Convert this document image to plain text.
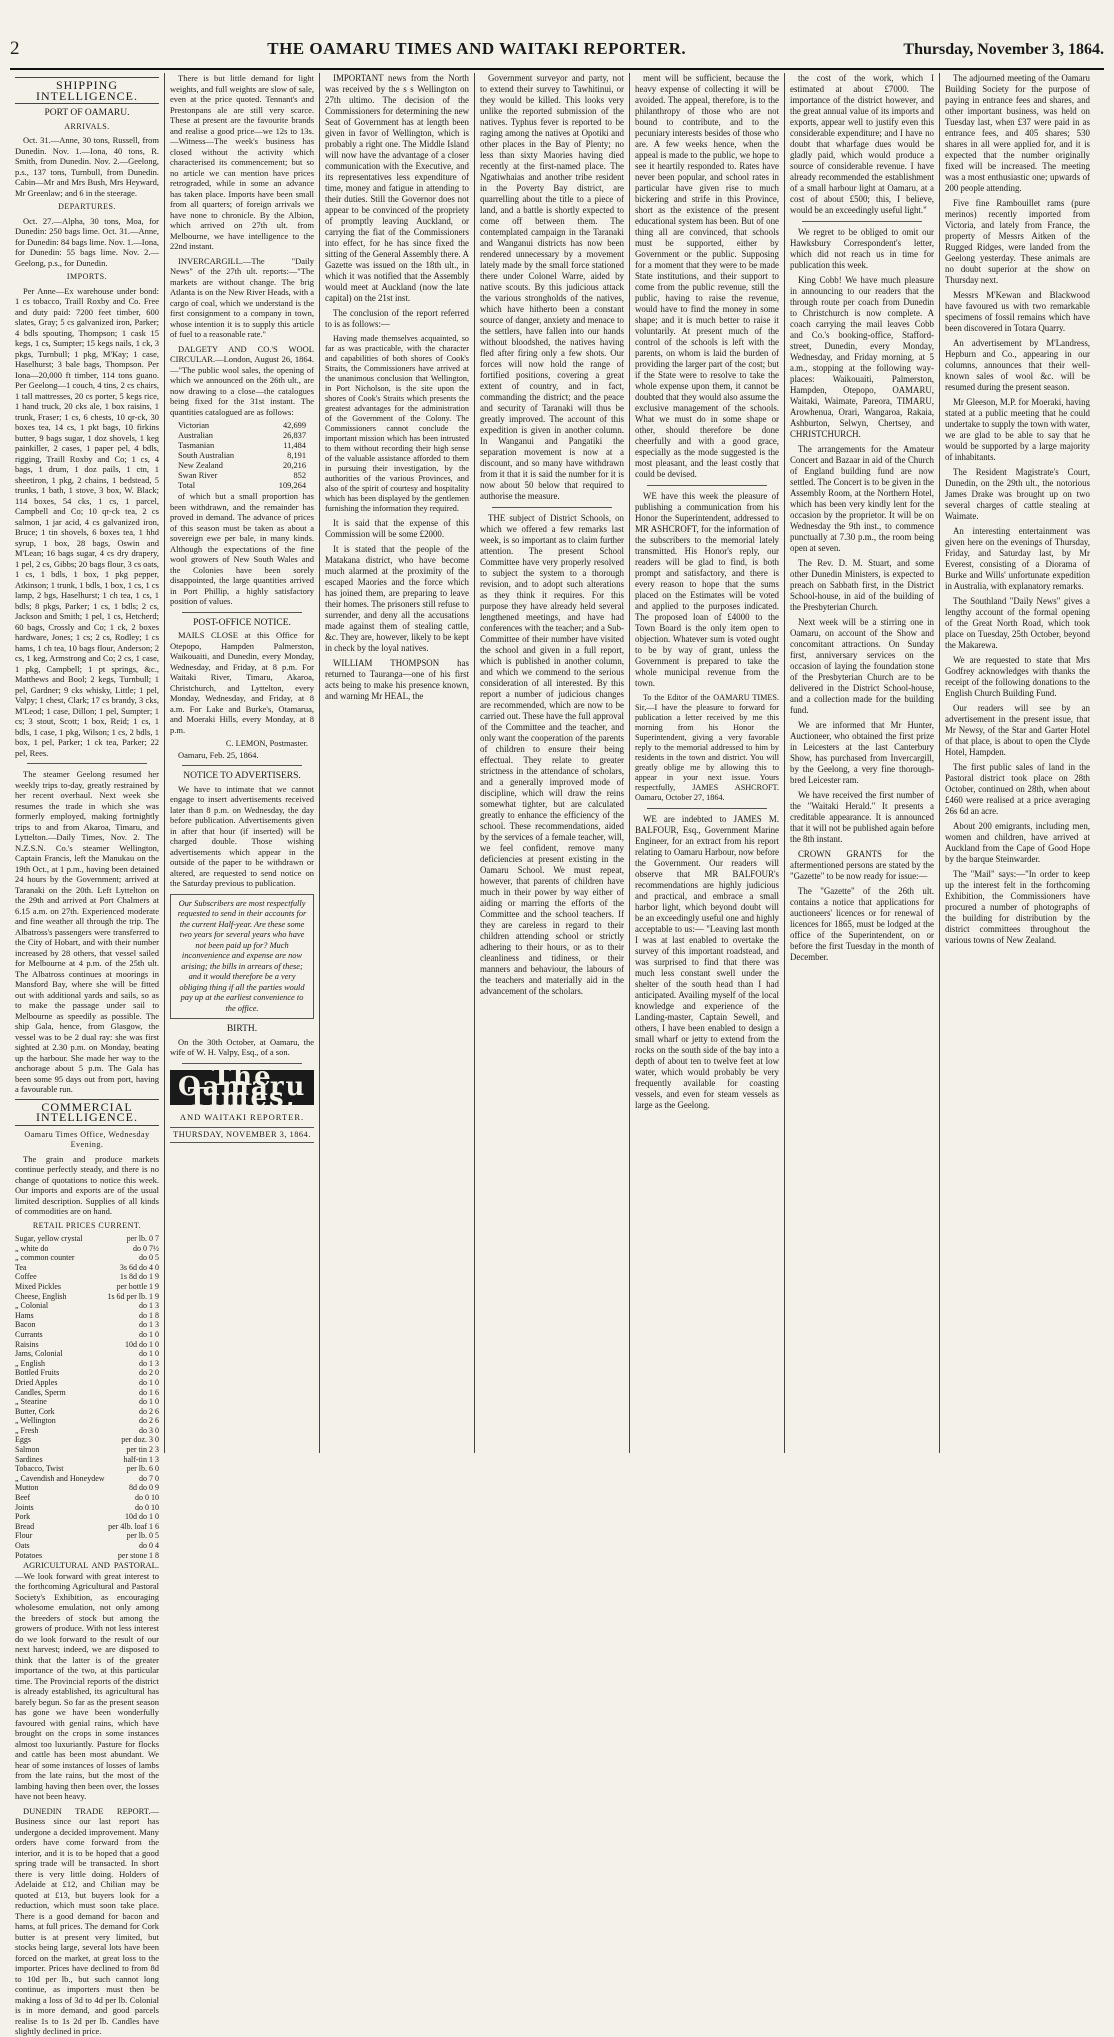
2	THE OAMARU TIMES AND WAITAKI REPORTER.	Thursday, November 3, 1864.
SHIPPING INTELLIGENCE.
PORT OF OAMARU.
ARRIVALS.

Oct. 31.—Anne, 30 tons, Russell, from Dunedin. Nov. 1.—Iona, 40 tons, R. Smith, from Dunedin. Nov. 2.—Geelong, p.s., 137 tons, Turnbull, from Dunedin. Cabin—Mr and Mrs Bush, Mrs Heyward, Mr Greenlaw; and 6 in the steerage.

DEPARTURES.

Oct. 27.—Alpha, 30 tons, Moa, for Dunedin: 250 bags lime. Oct. 31.—Anne, for Dunedin: 84 bags lime. Nov. 1.—Iona, for Dunedin: 55 bags lime. Nov. 2.—Geelong, p.s., for Dunedin.

IMPORTS.

Per Anne—Ex warehouse under bond: 1 cs tobacco, Traill Roxby and Co. Free and duty paid: 7200 feet timber, 600 slates, Gray; 5 cs galvanized iron, Parker; 4 bdls spouting, Thompson; 1 cask 15 kegs, 1 cs, Sumpter; 15 kegs nails, 1 ck, 3 pkgs, Turnbull; 1 pkg, M'Kay; 1 case, Haselhurst; 3 bale bags, Thompson. Per Iona—20,000 ft timber, 114 tons guano. Per Geelong—1 couch, 4 tins, 2 cs chairs, 1 tall mattresses, 20 cs porter, 5 kegs rice, 1 hand truck, 20 cks ale, 1 box raisins, 1 trunk, Fraser; 1 cs, 6 chests, 10 qr-ck, 30 boxes tea, 14 cs, 1 pkt bags, 10 firkins butter, 9 bags sugar, 1 doz shovels, 1 keg painkiller, 2 cases, 1 paper pel, 4 bdls, rigging, Traill Roxby and Co; 1 cs, 4 bags, 1 drum, 1 doz pails, 1 ctn, 1 sheetiron, 1 pkg, 2 chains, 1 bedstead, 5 trunks, 1 bath, 1 stove, 3 box, W. Black; 114 boxes, 54 cks, 1 cs, 1 parcel, Campbell and Co; 10 qr-ck tea, 2 cs salmon, 1 jar acid, 4 cs galvanized iron, Bruce; 1 tin shovels, 6 boxes tea, 1 hhd syrup, 1 box, 28 bags, Oswin and M'Lean; 16 bags sugar, 4 cs dry drapery, 1 pel, 2 cs, Gibbs; 20 bags flour, 3 cs oats, 1 cs, 1 bdls, 1 box, 1 pkg pepper, Atkinson; 1 trunk, 1 bdls, 1 box, 1 cs, 1 cs lamp, 2 bgs, Haselhurst; 1 ch tea, 1 cs, 1 bdls; 8 pkgs, Parker; 1 cs, 1 bdls; 2 cs, Jackson and Smith; 1 pel, 1 cs, Hetcherd; 60 bags, Crossly and Co; 1 ck, 2 boxes hardware, Jones; 1 cs; 2 cs, Rodley; 1 cs hams, 1 ch tea, 10 bags flour, Anderson; 2 cs, 1 keg, Armstrong and Co; 2 cs, 1 case, 1 pkg, Campbell; 1 pt springs, &c., Matthews and Bool; 2 kegs, Turnbull; 1 pel, Gardner; 9 cks whisky, Little; 1 pel, Valpy; 1 chest, Clark; 17 cs brandy, 3 cks, M'Leod; 1 case, Dillon; 1 pel, Sumpter; 1 cs; 3 stout, Scott; 1 box, Reid; 1 cs, 1 bdls, 1 case, 1 pkg, Wilson; 1 cs, 2 bdls, 1 box, 1 pel, Parker; 1 ck tea, Parker; 22 pel, Rees.

The steamer Geelong resumed her weekly trips to-day, greatly restrained by her recent overhaul. Next week she resumes the trade in which she was formerly employed, making fortnightly trips to and from Akaroa, Timaru, and Lyttelton.—Daily Times, Nov. 2. The N.Z.S.N. Co.'s steamer Wellington, Captain Francis, left the Manukau on the 19th Oct., at 1 p.m., having been detained 24 hours by the Government; arrived at Taranaki on the 20th. Left Lyttelton on the 29th and arrived at Port Chalmers at 6.15 a.m. on 27th. Experienced moderate and fine weather all through the trip. The Albatross's passengers were transferred to the City of Hobart, and with their number increased by 28 others, that vessel sailed for Melbourne at 4 p.m. of the 25th ult. The Albatross continues at moorings in Mansford Bay, where she will be fitted out with additional yards and sails, so as to make the passage under sail to Melbourne as speedily as possible. The ship Gala, hence, from Glasgow, the vessel was to be 2 dual ray: she was first sighted at 2.30 p.m. on Monday, beating up the harbour. She made her way to the anchorage about 5 p.m. The Gala has been some 95 days out from port, having a favourable run.

COMMERCIAL INTELLIGENCE.
Oamaru Times Office, Wednesday Evening.

The grain and produce markets continue perfectly steady, and there is no change of quotations to notice this week. Our imports and exports are of the usual limited description. Supplies of all kinds of commodities are on hand.

RETAIL PRICES CURRENT.
Sugar, yellow crystal	per lb. 0 7
„ white do	do 0 7½
„ common counter	do 0 5
Tea	3s 6d do 4 0
Coffee	1s 8d do 1 9
Mixed Pickles	per bottle 1 9
Cheese, English	1s 6d per lb. 1 9
„ Colonial	do 1 3
Hams	do 1 8
Bacon	do 1 3
Currants	do 1 0
Raisins	10d do 1 0
Jams, Colonial	do 1 0
„ English	do 1 3
Bottled Fruits	do 2 0
Dried Apples	do 1 0
Candles, Sperm	do 1 6
„ Stearine	do 1 0
Butter, Cork	do 2 6
„ Wellington	do 2 6
„ Fresh	do 3 0
Eggs	per doz. 3 0
Salmon	per tin 2 3
Sardines	half-tin 1 3
Tobacco, Twist	per lb. 6 0
„ Cavendish and Honeydew	do 7 0
Mutton	8d do 0 9
Beef	do 0 10
Joints	do 0 10
Pork	10d do 1 0
Bread	per 4lb. loaf 1 6
Flour	per lb. 0 5
Oats	do 0 4
Potatoes	per stone 1 8

AGRICULTURAL AND PASTORAL.—We look forward with great interest to the forthcoming Agricultural and Pastoral Society's Exhibition, as encouraging wholesome emulation, not only among the breeders of stock but among the growers of produce. With not less interest do we look forward to the result of our next harvest; indeed, we are disposed to think that the latter is of the greater importance of the two, at this particular time. The Provincial reports of the district is already established, its agricultural has barely begun. So far as the present season has gone we have been wonderfully favoured with genial rains, which have brought on the crops in some instances almost too luxuriantly. Pasture for flocks and cattle has been most abundant. We hear of some instances of losses of lambs from the late rains, but the most of the lambing having then been over, the losses have not been heavy.

DUNEDIN TRADE REPORT.—Business since our last report has undergone a decided improvement. Many orders have come forward from the interior, and it is to be hoped that a good spring trade will be transacted. In short there is very little doing. Holders of Adelaide at £12, and Chilian may be quoted at £13, but buyers look for a reduction, which must soon take place. There is a good demand for bacon and hams, at full prices. The demand for Cork butter is at present very limited, but stocks being large, several lots have been forced on the market, at great loss to the importer. Prices have declined to from 8d to 10d per lb., but such cannot long continue, as importers must then be making a loss of 3d to 4d per lb. Colonial is in more demand, and good parcels realise 1s to 1s 2d per lb. Candles have slightly declined in price.

There is but little demand for light weights, and full weights are slow of sale, even at the price quoted. Tennant's and Prestonpans ale are still very scarce. These at present are the favourite brands and realise a good price—we 12s to 13s.—Witness—The week's business has closed without the activity which characterised its commencement; but so no article we can mention have prices retrograded, while in some an advance has taken place. Imports have been small from all quarters; of foreign arrivals we have none to chronicle. By the Albion, which arrived on 27th ult. from Melbourne, we have intelligence to the 22nd instant.

INVERCARGILL.—The "Daily News" of the 27th ult. reports:—"The markets are without change. The brig Atlanta is on the New River Heads, with a cargo of coal, which we understand is the first consignment to a company in town, whose intention it is to supply this article of fuel to a reasonable rate."

DALGETY AND CO.'S WOOL CIRCULAR.—London, August 26, 1864.—"The public wool sales, the opening of which we announced on the 26th ult., are now drawing to a close—the catalogues being fixed for the 31st instant. The quantities catalogued are as follows:

Victorian	42,699
Australian	26,837
Tasmanian	11,484
South Australian	8,191
New Zealand	20,216
Swan River	852
Total	109,264

of which but a small proportion has been withdrawn, and the remainder has proved in demand. The advance of prices of this season must be taken as about a sovereign ewe per bale, in many kinds. Although the expectations of the fine wool growers of New South Wales and the Colonies have been sorely disappointed, the large quantities arrived in Port Phillip, a highly satisfactory position of values.

POST-OFFICE NOTICE.

MAILS CLOSE at this Office for Otepopo, Hampden Palmerston, Waikouaiti, and Dunedin, every Monday, Wednesday, and Friday, at 8 p.m. For Waitaki River, Timaru, Akaroa, Christchurch, and Lyttelton, every Monday, Wednesday, and Friday, at 8 a.m. For Lake and Burke's, Otamarua, and Moeraki Hills, every Monday, at 8 p.m.

C. LEMON, Postmaster.

Oamaru, Feb. 25, 1864.

NOTICE TO ADVERTISERS.

We have to intimate that we cannot engage to insert advertisements received later than 8 p.m. on Wednesday, the day before publication. Advertisements given in after that hour (if inserted) will be charged double. Those wishing advertisements which appear in the outside of the paper to be withdrawn or altered, are requested to send notice on the Saturday previous to publication.

Our Subscribers are most respectfully requested to send in their accounts for the current Half-year. Are these some two years for several years who have not been paid up for? Much inconvenience and expense are now arising; the bills in arrears of these; and it would therefore be a very obliging thing if all the parties would pay up at the earliest convenience to the office.
BIRTH.

On the 30th October, at Oamaru, the wife of W. H. Valpy, Esq., of a son.

The Oamaru Times,
AND WAITAKI REPORTER.
THURSDAY, NOVEMBER 3, 1864.

IMPORTANT news from the North was received by the s s Wellington on 27th ultimo. The decision of the Commissioners for determining the new Seat of Government has at length been given in favor of Wellington, which is probably a right one. The Middle Island will now have the advantage of a closer communication with the Executive, and its representatives less expenditure of time, money and fatigue in attending to their duties. Still the Governor does not appear to be convinced of the propriety of promptly leaving Auckland, or carrying the fiat of the Commissioners into effect, for he has since fixed the sitting of the General Assembly there. A Gazette was issued on the 18th ult., in which it was notified that the Assembly would meet at Auckland (now the late capital) on the 21st inst.

The conclusion of the report referred to is as follows:—

Having made themselves acquainted, so far as was practicable, with the character and capabilities of both shores of Cook's Straits, the Commissioners have arrived at the unanimous conclusion that Wellington, in Port Nicholson, is the site upon the shores of Cook's Straits which presents the greatest advantages for the administration of the Government of the Colony. The Commissioners cannot conclude the important mission which has been intrusted to them without recording their high sense of the valuable assistance afforded to them in pursuing their investigation, by the authorities of the various Provinces, and also of the spirit of courtesy and hospitality which has been displayed by the gentlemen furnishing the information they required.

It is said that the expense of this Commission will be some £2000.

It is stated that the people of the Matakana district, who have become much alarmed at the proximity of the escaped Maories and the force which has joined them, are preparing to leave their homes. The prisoners still refuse to surrender, and deny all the accusations made against them of stealing cattle, &c. They are, however, likely to be kept in check by the loyal natives.

WILLIAM THOMPSON has returned to Tauranga—one of his first acts being to make his presence known, and warning Mr HEAL, the

Government surveyor and party, not to extend their survey to Tawhitinui, or they would be killed. This looks very unlike the reported submission of the natives. Typhus fever is reported to be raging among the natives at Opotiki and other places in the Bay of Plenty; no less than sixty Maories having died recently at the first-named place. The Ngatiwhaias and another tribe resident in the Poverty Bay district, are quarrelling about the title to a piece of land, and a battle is shortly expected to come off between them. The contemplated campaign in the Taranaki and Wanganui districts has now been rendered unnecessary by a movement lately made by the small force stationed there under Colonel Warre, aided by native scouts. By this judicious attack the various strongholds of the natives, which have hitherto been a constant source of danger, anxiety and menace to the settlers, have fallen into our hands without bloodshed, the natives having fled after firing only a few shots. Our forces will now hold the range of fortified positions, covering a great extent of country, and in fact, commanding the district; and the peace and security of Taranaki will thus be greatly improved. The account of this expedition is given in another column. In Wanganui and Pangatiki the separation movement is now at a discount, and so many have withdrawn from it that it is said the number for it is now about 50 below that required to authorise the measure.

THE subject of District Schools, on which we offered a few remarks last week, is so important as to claim further attention. The present School Committee have very properly resolved to subject the system to a thorough revision, and to adopt such alterations as they think it requires. For this purpose they have already held several lengthened meetings, and have had conferences with the teacher; and a Sub-Committee of their number have visited the school and given in a full report, which is published in another column, and which we commend to the serious consideration of all interested. By this report a number of judicious changes are recommended, which are now to be carried out. These have the full approval of the Committee and the teacher, and only want the cooperation of the parents of children to ensure their being effectual. They relate to greater strictness in the attendance of scholars, and a generally improved mode of discipline, which will draw the reins somewhat tighter, but are calculated greatly to enhance the efficiency of the school. These recommendations, aided by the services of a female teacher, will, we feel confident, remove many deficiencies at present existing in the Oamaru School. We must repeat, however, that parents of children have much in their power by way either of aiding or marring the efforts of the Committee and the school teachers. If they are careless in regard to their children attending school or strictly adhering to their hours, or as to their cleanliness and tidiness, or their manners and behaviour, the labours of the teachers and materially aid in the advancement of the scholars.

ment will be sufficient, because the heavy expense of collecting it will be avoided. The appeal, therefore, is to the philanthropy of those who are not bound to contribute, and to the pecuniary interests besides of those who are. A few weeks hence, when the appeal is made to the public, we hope to see it heartily responded to. Rates have never been popular, and school rates in particular have given rise to much bickering and strife in this Province, short as the existence of the present educational system has been. But of one thing all are convinced, that schools must be supported, either by Government or the public. Supposing for a moment that they were to be made State institutions, and their support to come from the public revenue, still the public, having to raise the revenue, would have to find the money in some shape; and it is much better to raise it voluntarily. At present much of the control of the schools is left with the parents, on whom is laid the burden of providing the larger part of the cost; but if the State were to resolve to take the whole expense upon them, it cannot be doubted that they would also assume the exclusive management of the schools. What we must do in some shape or other, should therefore be done cheerfully and with a good grace, especially as the mode suggested is the most pleasant, and the least costly that could be devised.

WE have this week the pleasure of publishing a communication from his Honor the Superintendent, addressed to MR ASHCROFT, for the information of the subscribers to the memorial lately transmitted. His Honor's reply, our readers will be glad to find, is both prompt and satisfactory, and there is every reason to hope that the sums placed on the Estimates will be voted and applied to the purposes indicated. The proposed loan of £4000 to the Town Board is the only item open to objection. Whatever sum is voted ought to be by way of grant, unless the Government is prepared to take the whole municipal revenue from the town.

To the Editor of the OAMARU TIMES. Sir,—I have the pleasure to forward for publication a letter received by me this morning from his Honor the Superintendent, giving a very favorable reply to the memorial addressed to him by residents in the town and district. You will greatly oblige me by allowing this to appear in your next issue. Yours respectfully, JAMES ASHCROFT. Oamaru, October 27, 1864.

WE are indebted to JAMES M. BALFOUR, Esq., Government Marine Engineer, for an extract from his report relating to Oamaru Harbour, now before the Government. Our readers will observe that MR BALFOUR's recommendations are highly judicious and practical, and embrace a small harbor light, which beyond doubt will be an exceedingly useful one and highly acceptable to us:— "Leaving last month I was at last enabled to overtake the survey of this important roadstead, and was surprised to find that there was much less constant swell under the shelter of the south head than I had anticipated. Availing myself of the local knowledge and experience of the Landing-master, Captain Sewell, and others, I have been enabled to design a small wharf or jetty to extend from the rocks on the south side of the bay into a depth of about ten to twelve feet at low water, which would probably be very frequently available for coasting vessels, and even for steam vessels as large as the Geelong.

the cost of the work, which I estimated at about £7000. The importance of the district however, and the great annual value of its imports and exports, appear well to justify even this considerable expenditure; and I have no doubt that wharfage dues would be gladly paid, which would produce a source of considerable revenue. I have already recommended the establishment of a small harbour light at Oamaru, at a cost of about £500; this, I believe, would be an exceedingly useful light."

We regret to be obliged to omit our Hawksbury Correspondent's letter, which did not reach us in time for publication this week.

King Cobb! We have much pleasure in announcing to our readers that the through route per coach from Dunedin to Christchurch is now complete. A coach carrying the mail leaves Cobb and Co.'s booking-office, Stafford-street, Dunedin, every Monday, Wednesday, and Friday morning, at 5 a.m., stopping at the following way-places: Waikouaiti, Palmerston, Hampden, Otepopo, OAMARU, Waitaki, Waimate, Pareora, TIMARU, Arowhenua, Orari, Wangaroa, Rakaia, Ashburton, Selwyn, Chertsey, and CHRISTCHURCH.

The arrangements for the Amateur Concert and Bazaar in aid of the Church of England building fund are now settled. The Concert is to be given in the Assembly Room, at the Northern Hotel, which has been very kindly lent for the occasion by the proprietor. It will be on Wednesday the 9th inst., to commence punctually at 7.30 p.m., the room being open at seven.

The Rev. D. M. Stuart, and some other Dunedin Ministers, is expected to preach on Sabbath first, in the District School-house, in aid of the building of the Presbyterian Church.

Next week will be a stirring one in Oamaru, on account of the Show and concomitant attractions. On Sunday first, anniversary services on the occasion of laying the foundation stone of the Presbyterian Church are to be delivered in the District School-house, and a collection made for the building fund.

We are informed that Mr Hunter, Auctioneer, who obtained the first prize in Leicesters at the last Canterbury Show, has purchased from Invercargill, by the Geelong, a very fine thorough-bred Leicester ram.

We have received the first number of the "Waitaki Herald." It presents a creditable appearance. It is announced that it will not be published again before the 8th instant.

CROWN GRANTS for the aftermentioned persons are stated by the "Gazette" to be now ready for issue:—

The "Gazette" of the 26th ult. contains a notice that applications for auctioneers' licences or for renewal of licences for 1865, must be lodged at the office of the Superintendent, on or before the first Tuesday in the month of December.

The adjourned meeting of the Oamaru Building Society for the purpose of paying in entrance fees and shares, and other important business, was held on Tuesday last, when £37 were paid in as entrance fees, and 405 shares; 530 shares in all were applied for, and it is expected that the number originally fixed will be increased. The meeting was a most enthusiastic one; upwards of 200 people attending.

Five fine Rambouillet rams (pure merinos) recently imported from Victoria, and lately from France, the property of Messrs Aitken of the Rugged Ridges, were landed from the Geelong yesterday. These animals are no doubt superior at the show on Thursday next.

Messrs M'Kewan and Blackwood have favoured us with two remarkable specimens of fossil remains which have been discovered in Totara Quarry.

An advertisement by M'Landress, Hepburn and Co., appearing in our columns, announces that their well-known sales of wool &c. will be resumed during the present season.

Mr Gleeson, M.P. for Moeraki, having stated at a public meeting that he could undertake to supply the town with water, we are glad to be able to say that he would be supported by a large majority of inhabitants.

The Resident Magistrate's Court, Dunedin, on the 29th ult., the notorious James Drake was brought up on two several charges of cattle stealing at Waimate.

An interesting entertainment was given here on the evenings of Thursday, Friday, and Saturday last, by Mr Everest, consisting of a Diorama of Burke and Wills' unfortunate expedition in Australia, with explanatory remarks.

The Southland "Daily News" gives a lengthy account of the formal opening of the Great North Road, which took place on Tuesday, 25th October, beyond the Makarewa.

We are requested to state that Mrs Godfrey acknowledges with thanks the receipt of the following donations to the English Church Building Fund.

Our readers will see by an advertisement in the present issue, that Mr Newsy, of the Star and Garter Hotel of that place, is about to open the Clyde Hotel, Hampden.

The first public sales of land in the Pastoral district took place on 28th October, continued on 28th, when about £460 were realised at a price averaging 26s 6d an acre.

About 200 emigrants, including men, women and children, have arrived at Auckland from the Cape of Good Hope by the barque Steinwarder.

The "Mail" says:—"In order to keep up the interest felt in the forthcoming Exhibition, the Commissioners have procured a number of photographs of the building for distribution by the district committees throughout the various towns of New Zealand.
